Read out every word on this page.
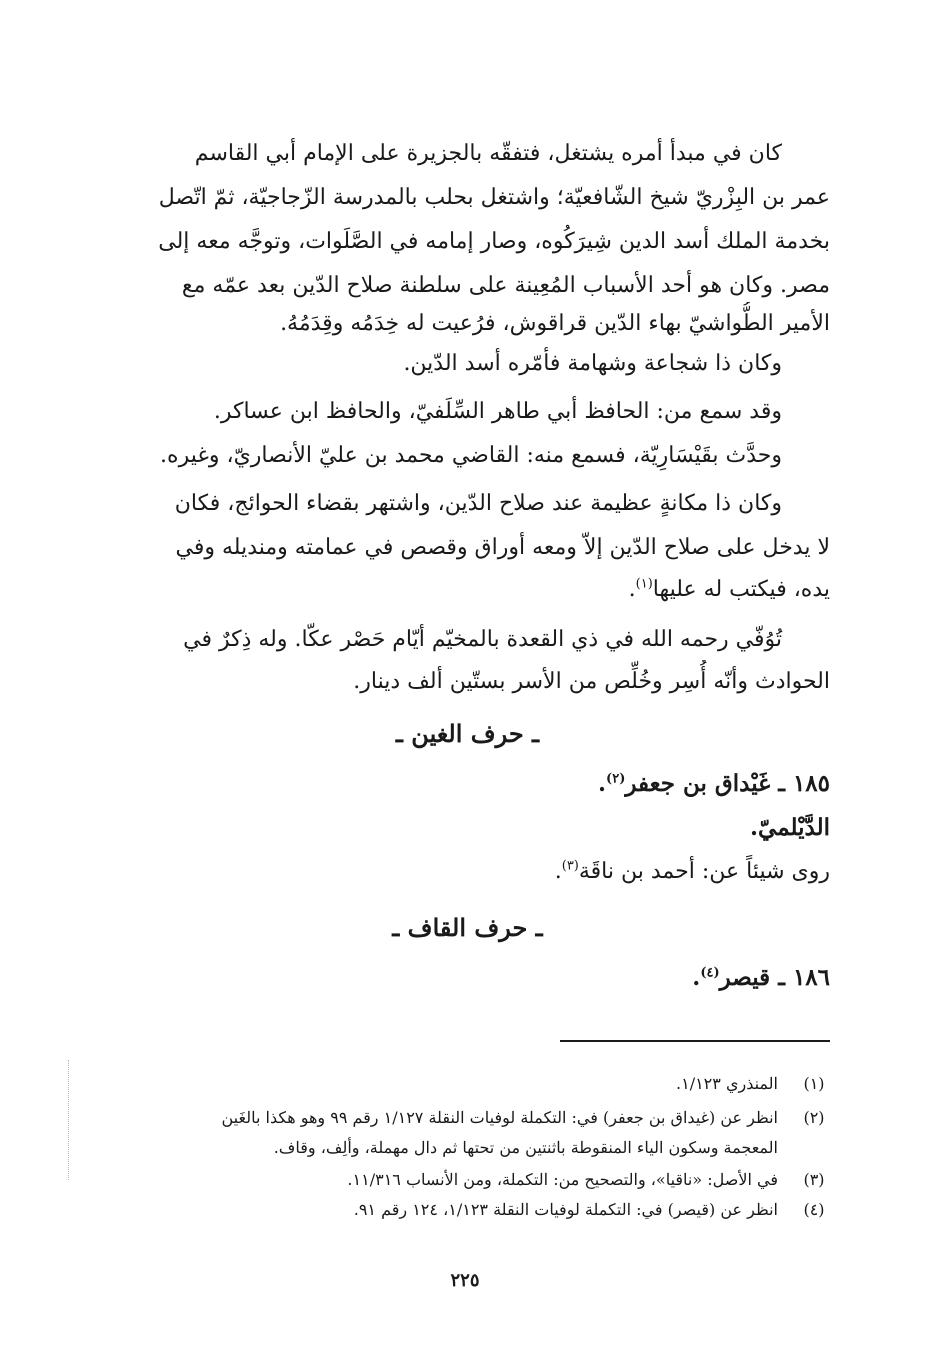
كان في مبدأ أمره يشتغل، فتفقّه بالجزيرة على الإمام أبي القاسم
عمر بن البِزْريّ شيخ الشّافعيّة؛ واشتغل بحلب بالمدرسة الزّجاجيّة، ثمّ اتّصل
بخدمة الملك أسد الدين شِيرَكُوه، وصار إمامه في الصَّلَوات، وتوجَّه معه إلى
مصر. وكان هو أحد الأسباب المُعِينة على سلطنة صلاح الدّين بعد عمّه مع
الأمير الطُّواشيّ بهاء الدّين قراقوش، فرُعيت له خِدَمُه وقِدَمُهُ.
وكان ذا شجاعة وشهامة فأمّره أسد الدّين.
وقد سمع من: الحافظ أبي طاهر السِّلَفيّ، والحافظ ابن عساكر.
وحدَّث بقَيْسَارِيّة، فسمع منه: القاضي محمد بن عليّ الأنصاريّ، وغيره.
وكان ذا مكانةٍ عظيمة عند صلاح الدّين، واشتهر بقضاء الحوائج، فكان
لا يدخل على صلاح الدّين إلاّ ومعه أوراق وقصص في عمامته ومنديله وفي
يده، فيكتب له عليها$^{(١)}$.
تُوُفّي رحمه الله في ذي القعدة بالمخيّم أيّام حَصْر عكّا. وله ذِكرٌ في
الحوادث وأنّه أُسِر وخُلِّص من الأسر بستّين ألف دينار.
ـ حرف الغين ـ
١٨٥ ـ غَيْداق بن جعفر$^{(٢)}$.
الدَّيْلميّ.
روى شيئاً عن: أحمد بن ناقَة$^{(٣)}$.
ـ حرف القاف ـ
١٨٦ ـ قيصر$^{(٤)}$.
(١)
المنذري ١/١٢٣.
(٢)
انظر عن (غيداق بن جعفر) في: التكملة لوفيات النقلة ١/١٢٧ رقم ٩٩ وهو هكذا بالغَين
المعجمة وسكون الياء المنقوطة باثنتين من تحتها ثم دال مهملة، وألِف، وقاف.
(٣)
في الأصل: «ناقيا»، والتصحيح من: التكملة، ومن الأنساب ١١/٣١٦.
(٤)
انظر عن (قيصر) في: التكملة لوفيات النقلة ١/١٢٣، ١٢٤ رقم ٩١.
٢٢٥
